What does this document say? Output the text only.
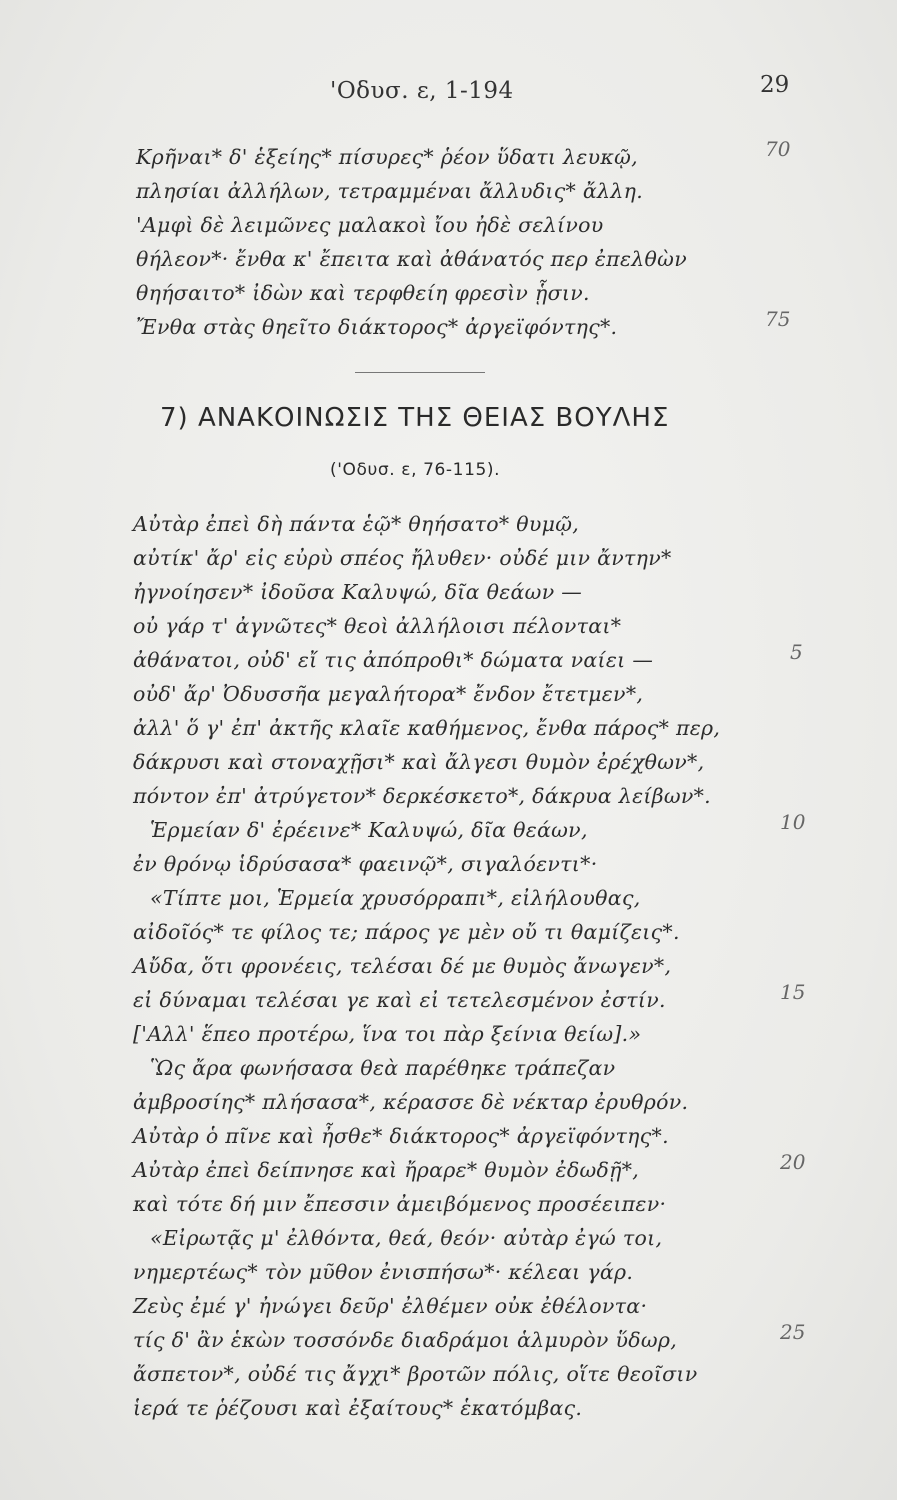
'Οδυσ. ε, 1-194	29
Κρῆναι* δ' ἑξείης* πίσυρες* ῥέον ὕδατι λευκῷ,
πλησίαι ἀλλήλων, τετραμμέναι ἄλλυδις* ἄλλη.
'Αμφὶ δὲ λειμῶνες μαλακοὶ ἴου ἠδὲ σελίνου
θήλεον*· ἔνθα κ' ἔπειτα καὶ ἀθάνατός περ ἐπελθὼν
θηήσαιτο* ἰδὼν καὶ τερφθείη φρεσὶν ᾗσιν.
Ἔνθα στὰς θηεῖτο διάκτορος* ἀργεϊφόντης*.
70
75
7) ΑΝΑΚΟΙΝΩΣΙΣ ΤΗΣ ΘΕΙΑΣ ΒΟΥΛΗΣ
('Οδυσ. ε, 76-115).
Αὐτὰρ ἐπεὶ δὴ πάντα ἑῷ* θηήσατο* θυμῷ,
αὐτίκ' ἄρ' εἰς εὐρὺ σπέος ἤλυθεν· οὐδέ μιν ἄντην*
ἠγνοίησεν* ἰδοῦσα Καλυψώ, δῖα θεάων —
οὐ γάρ τ' ἀγνῶτες* θεοὶ ἀλλήλοισι πέλονται*
ἀθάνατοι, οὐδ' εἴ τις ἀπόπροθι* δώματα ναίει —
οὐδ' ἄρ' Ὀδυσσῆα μεγαλήτορα* ἔνδον ἔτετμεν*,
ἀλλ' ὅ γ' ἐπ' ἀκτῆς κλαῖε καθήμενος, ἔνθα πάρος* περ,
δάκρυσι καὶ στοναχῇσι* καὶ ἄλγεσι θυμὸν ἐρέχθων*,
πόντον ἐπ' ἀτρύγετον* δερκέσκετο*, δάκρυα λείβων*.
Ἑρμείαν δ' ἐρέεινε* Καλυψώ, δῖα θεάων,
ἐν θρόνῳ ἱδρύσασα* φαεινῷ*, σιγαλόεντι*·
«Τίπτε μοι, Ἑρμεία χρυσόρραπι*, εἰλήλουθας,
αἰδοῖός* τε φίλος τε; πάρος γε μὲν οὔ τι θαμίζεις*.
Αὔδα, ὅτι φρονέεις, τελέσαι δέ με θυμὸς ἄνωγεν*,
εἰ δύναμαι τελέσαι γε καὶ εἰ τετελεσμένον ἐστίν.
['Αλλ' ἕπεο προτέρω, ἵνα τοι πὰρ ξείνια θείω].»
Ὣς ἄρα φωνήσασα θεὰ παρέθηκε τράπεζαν
ἀμβροσίης* πλήσασα*, κέρασσε δὲ νέκταρ ἐρυθρόν.
Αὐτὰρ ὁ πῖνε καὶ ἦσθε* διάκτορος* ἀργεϊφόντης*.
Αὐτὰρ ἐπεὶ δείπνησε καὶ ἤραρε* θυμὸν ἐδωδῇ*,
καὶ τότε δή μιν ἔπεσσιν ἀμειβόμενος προσέειπεν·
«Εἰρωτᾷς μ' ἐλθόντα, θεά, θεόν· αὐτὰρ ἐγώ τοι,
νημερτέως* τὸν μῦθον ἐνισπήσω*· κέλεαι γάρ.
Ζεὺς ἐμέ γ' ἠνώγει δεῦρ' ἐλθέμεν οὐκ ἐθέλοντα·
τίς δ' ἂν ἑκὼν τοσσόνδε διαδράμοι ἁλμυρὸν ὕδωρ,
ἄσπετον*, οὐδέ τις ἄγχι* βροτῶν πόλις, οἵτε θεοῖσιν
ἱερά τε ῥέζουσι καὶ ἐξαίτους* ἑκατόμβας.
5
10
15
20
25
